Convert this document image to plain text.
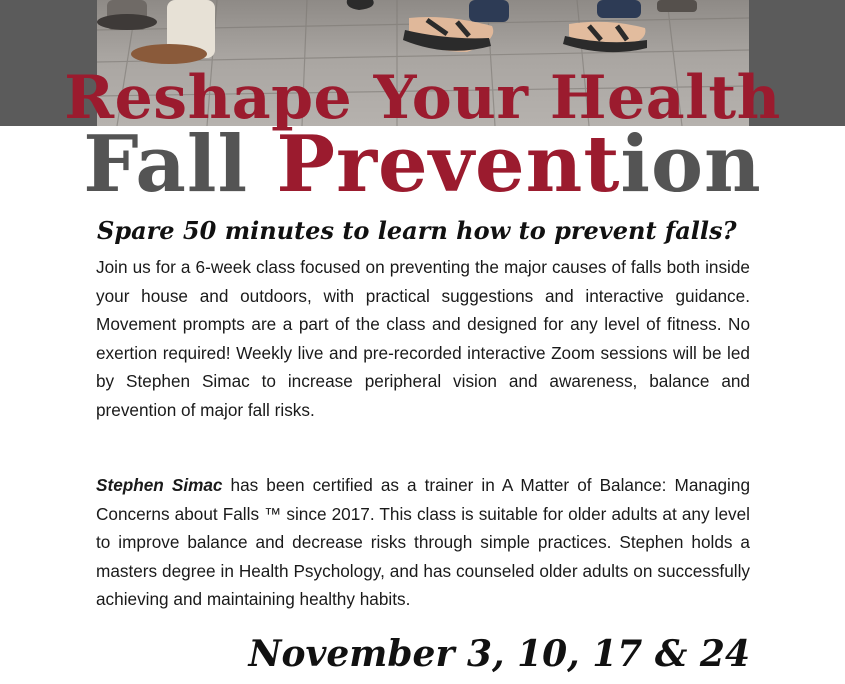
Reshape Your Health
Fall Prevention

Spare 50 minutes to learn how to prevent falls?

Join us for a 6-week class focused on preventing the major causes of falls both inside your house and outdoors, with practical suggestions and interactive guidance. Movement prompts are a part of the class and designed for any level of fitness. No exertion required! Weekly live and pre-recorded interactive Zoom sessions will be led by Stephen Simac to increase peripheral vision and awareness, balance and prevention of major fall risks.

Stephen Simac has been certified as a trainer in A Matter of Balance: Managing Concerns about Falls ™ since 2017. This class is suitable for older adults at any level to improve balance and decrease risks through simple practices. Stephen holds a masters degree in Health Psychology, and has counseled older adults on successfully achieving and maintaining healthy habits.

November 3, 10, 17 & 24
